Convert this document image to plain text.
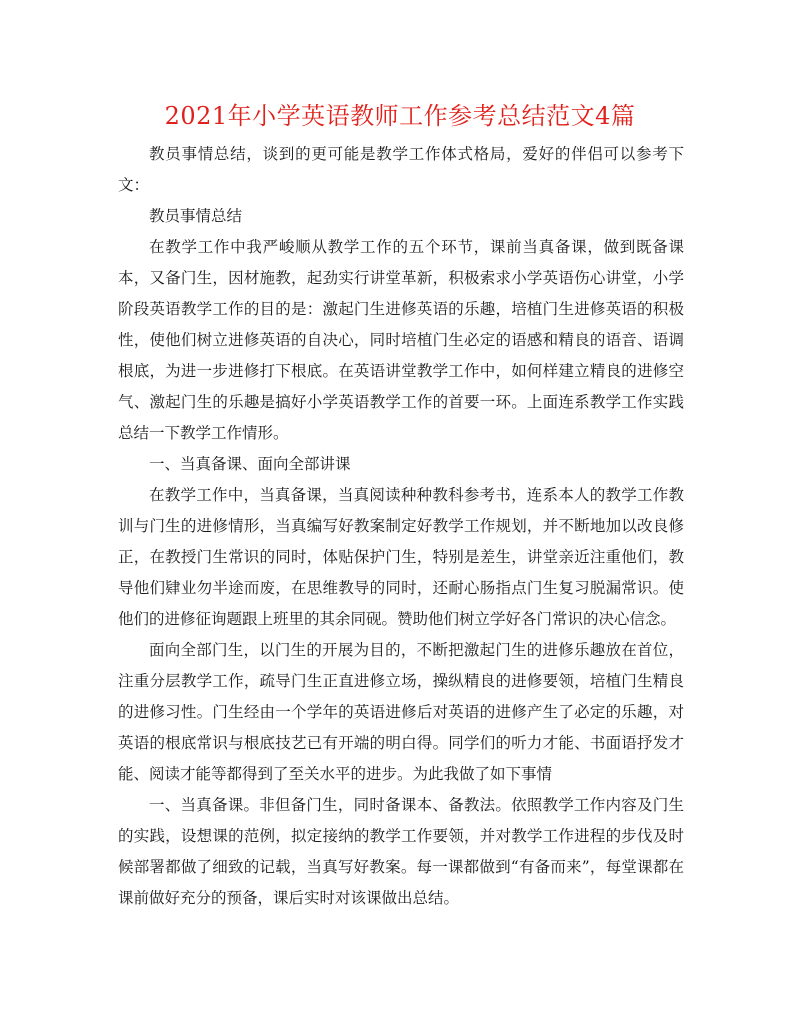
2021年小学英语教师工作参考总结范文4篇

教员事情总结，谈到的更可能是教学工作体式格局，爱好的伴侣可以参考下文：

教员事情总结

在教学工作中我严峻顺从教学工作的五个环节，课前当真备课，做到既备课本，又备门生，因材施教，起劲实行讲堂革新，积极索求小学英语伤心讲堂，小学阶段英语教学工作的目的是：激起门生进修英语的乐趣，培植门生进修英语的积极性，使他们树立进修英语的自决心，同时培植门生必定的语感和精良的语音、语调根底，为进一步进修打下根底。在英语讲堂教学工作中，如何样建立精良的进修空气、激起门生的乐趣是搞好小学英语教学工作的首要一环。上面连系教学工作实践总结一下教学工作情形。

一、当真备课、面向全部讲课

在教学工作中，当真备课，当真阅读种种教科参考书，连系本人的教学工作教训与门生的进修情形，当真编写好教案制定好教学工作规划，并不断地加以改良修正，在教授门生常识的同时，体贴保护门生，特别是差生，讲堂亲近注重他们，教导他们肄业勿半途而废，在思维教导的同时，还耐心肠指点门生复习脱漏常识。使他们的进修征询题跟上班里的其余同砚。赞助他们树立学好各门常识的决心信念。

面向全部门生，以门生的开展为目的，不断把激起门生的进修乐趣放在首位，注重分层教学工作，疏导门生正直进修立场，操纵精良的进修要领，培植门生精良的进修习性。门生经由一个学年的英语进修后对英语的进修产生了必定的乐趣，对英语的根底常识与根底技艺已有开端的明白得。同学们的听力才能、书面语抒发才能、阅读才能等都得到了至关水平的进步。为此我做了如下事情

一、当真备课。非但备门生，同时备课本、备教法。依照教学工作内容及门生的实践，设想课的范例，拟定接纳的教学工作要领，并对教学工作进程的步伐及时候部署都做了细致的记载，当真写好教案。每一课都做到“有备而来”，每堂课都在课前做好充分的预备，课后实时对该课做出总结。
